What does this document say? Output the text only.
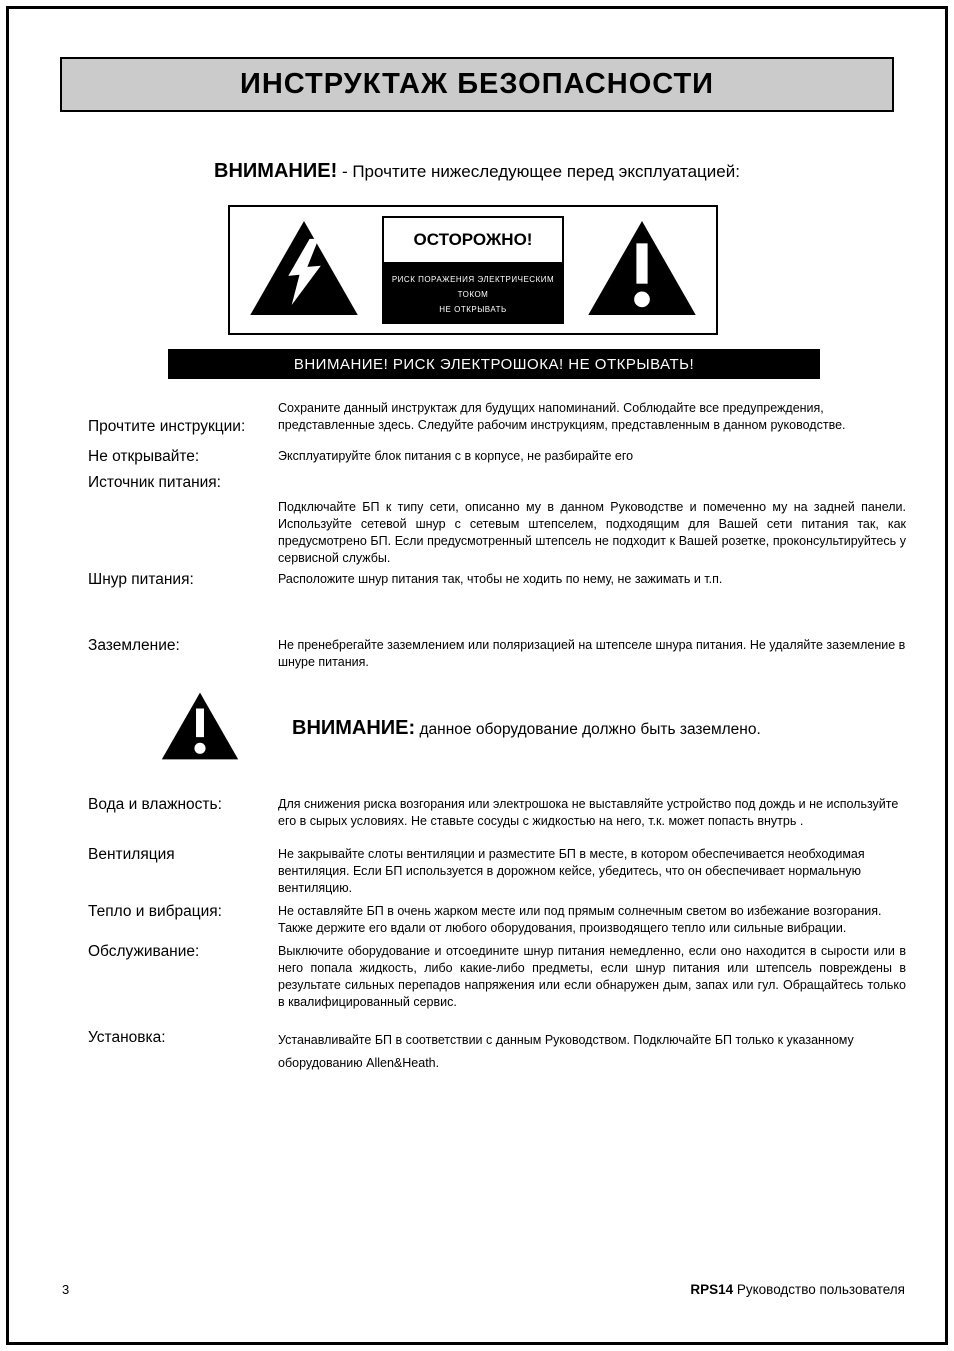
ИНСТРУКТАЖ БЕЗОПАСНОСТИ
ВНИМАНИЕ! - Прочтите нижеследующее перед эксплуатацией:
ОСТОРОЖНО!
РИСК ПОРАЖЕНИЯ ЭЛЕКТРИЧЕСКИМ ТОКОМ
НЕ ОТКРЫВАТЬ
ВНИМАНИЕ! РИСК ЭЛЕКТРОШОКА! НЕ ОТКРЫВАТЬ!
Прочтите инструкции:
Сохраните данный инструктаж для будущих напоминаний. Соблюдайте все предупреждения, представленные здесь. Следуйте рабочим инструкциям, представленным в данном руководстве.
Не открывайте:	Эксплуатируйте блок питания с в корпусе, не разбирайте его
Источник питания:
Подключайте БП к типу сети, описанно му в данном Руководстве и помеченно му на задней панели. Используйте сетевой шнур с сетевым штепселем, подходящим для Вашей сети питания так, как предусмотрено БП. Если предусмотренный штепсель не подходит к Вашей розетке, проконсультируйтесь у сервисной службы.
Шнур питания:	Расположите шнур питания так, чтобы не ходить по нему, не зажимать и т.п.
Заземление:	Не пренебрегайте заземлением или поляризацией на штепселе шнура питания. Не удаляйте заземление в шнуре питания.
ВНИМАНИЕ: данное оборудование должно быть заземлено.
Вода и влажность:	Для снижения риска возгорания или электрошока не выставляйте устройство под дождь и не используйте его в сырых условиях. Не ставьте сосуды с жидкостью на него, т.к. может попасть внутрь .
Вентиляция	Не закрывайте слоты вентиляции и разместите БП в месте, в котором обеспечивается необходимая вентиляция. Если БП используется в дорожном кейсе, убедитесь, что он обеспечивает нормальную вентиляцию.
Тепло и вибрация:	Не оставляйте БП в очень жарком месте или под прямым солнечным светом во избежание возгорания. Также держите его вдали от любого оборудования, производящего тепло или сильные вибрации.
Обслуживание:	Выключите оборудование и отсоедините шнур питания немедленно, если оно находится в сырости или в него попала жидкость, либо какие-либо предметы, если шнур питания или штепсель повреждены в результате сильных перепадов напряжения или если обнаружен дым, запах или гул. Обращайтесь только в квалифицированный сервис.
Установка:	Устанавливайте БП в соответствии с данным Руководством. Подключайте БП только к указанному оборудованию Allen&Heath.
3	RPS14 Руководство пользователя
